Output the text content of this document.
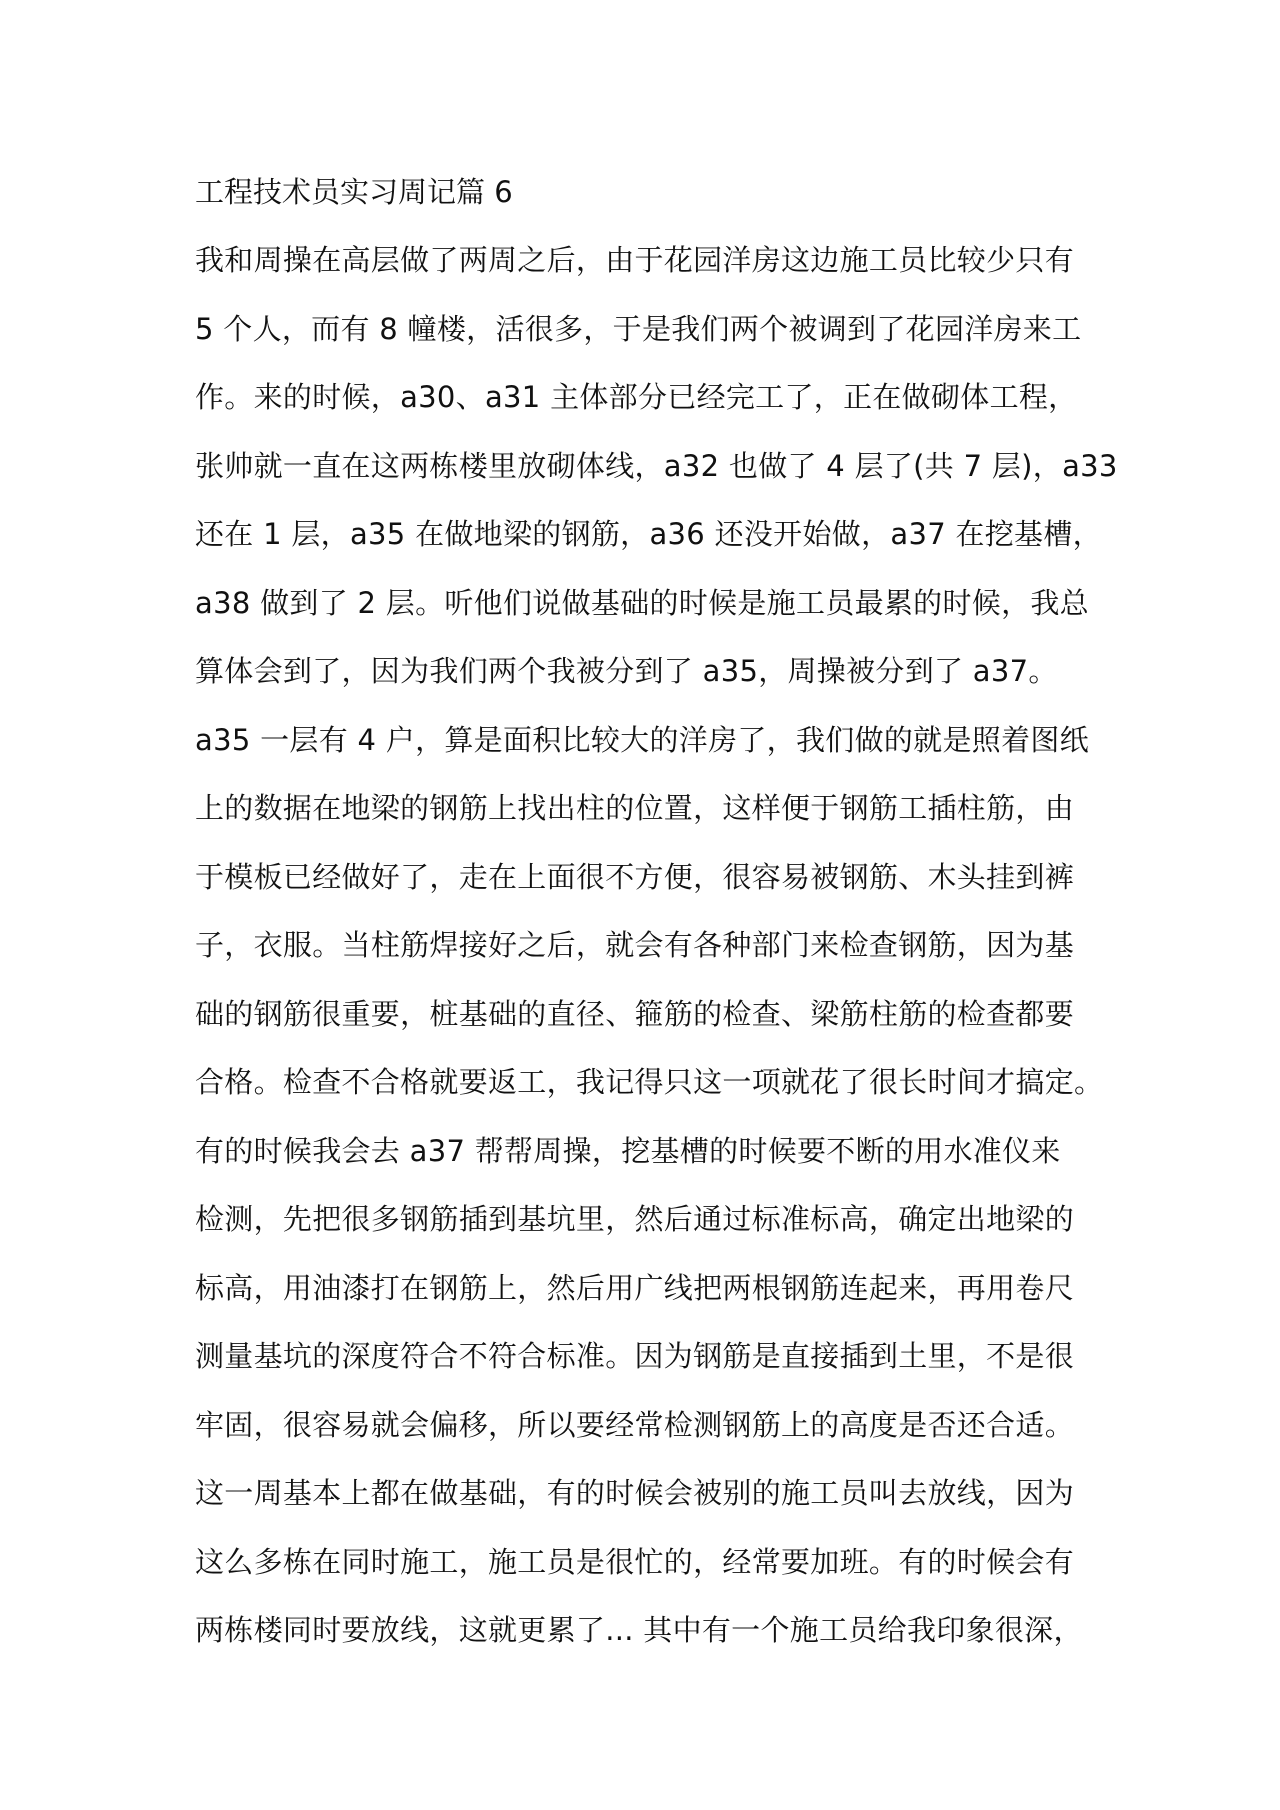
工程技术员实习周记篇 6

我和周操在高层做了两周之后，由于花园洋房这边施工员比较少只有

5 个人，而有 8 幢楼，活很多，于是我们两个被调到了花园洋房来工

作。来的时候，a30、a31 主体部分已经完工了，正在做砌体工程，

张帅就一直在这两栋楼里放砌体线，a32 也做了 4 层了(共 7 层)，a33

还在 1 层，a35 在做地梁的钢筋，a36 还没开始做，a37 在挖基槽，

a38 做到了 2 层。听他们说做基础的时候是施工员最累的时候，我总

算体会到了，因为我们两个我被分到了 a35，周操被分到了 a37。

a35 一层有 4 户，算是面积比较大的洋房了，我们做的就是照着图纸

上的数据在地梁的钢筋上找出柱的位置，这样便于钢筋工插柱筋，由

于模板已经做好了，走在上面很不方便，很容易被钢筋、木头挂到裤

子，衣服。当柱筋焊接好之后，就会有各种部门来检查钢筋，因为基

础的钢筋很重要，桩基础的直径、箍筋的检查、梁筋柱筋的检查都要

合格。检查不合格就要返工，我记得只这一项就花了很长时间才搞定。

有的时候我会去 a37 帮帮周操，挖基槽的时候要不断的用水准仪来

检测，先把很多钢筋插到基坑里，然后通过标准标高，确定出地梁的

标高，用油漆打在钢筋上，然后用广线把两根钢筋连起来，再用卷尺

测量基坑的深度符合不符合标准。因为钢筋是直接插到土里，不是很

牢固，很容易就会偏移，所以要经常检测钢筋上的高度是否还合适。

这一周基本上都在做基础，有的时候会被别的施工员叫去放线，因为

这么多栋在同时施工，施工员是很忙的，经常要加班。有的时候会有

两栋楼同时要放线，这就更累了... 其中有一个施工员给我印象很深，
